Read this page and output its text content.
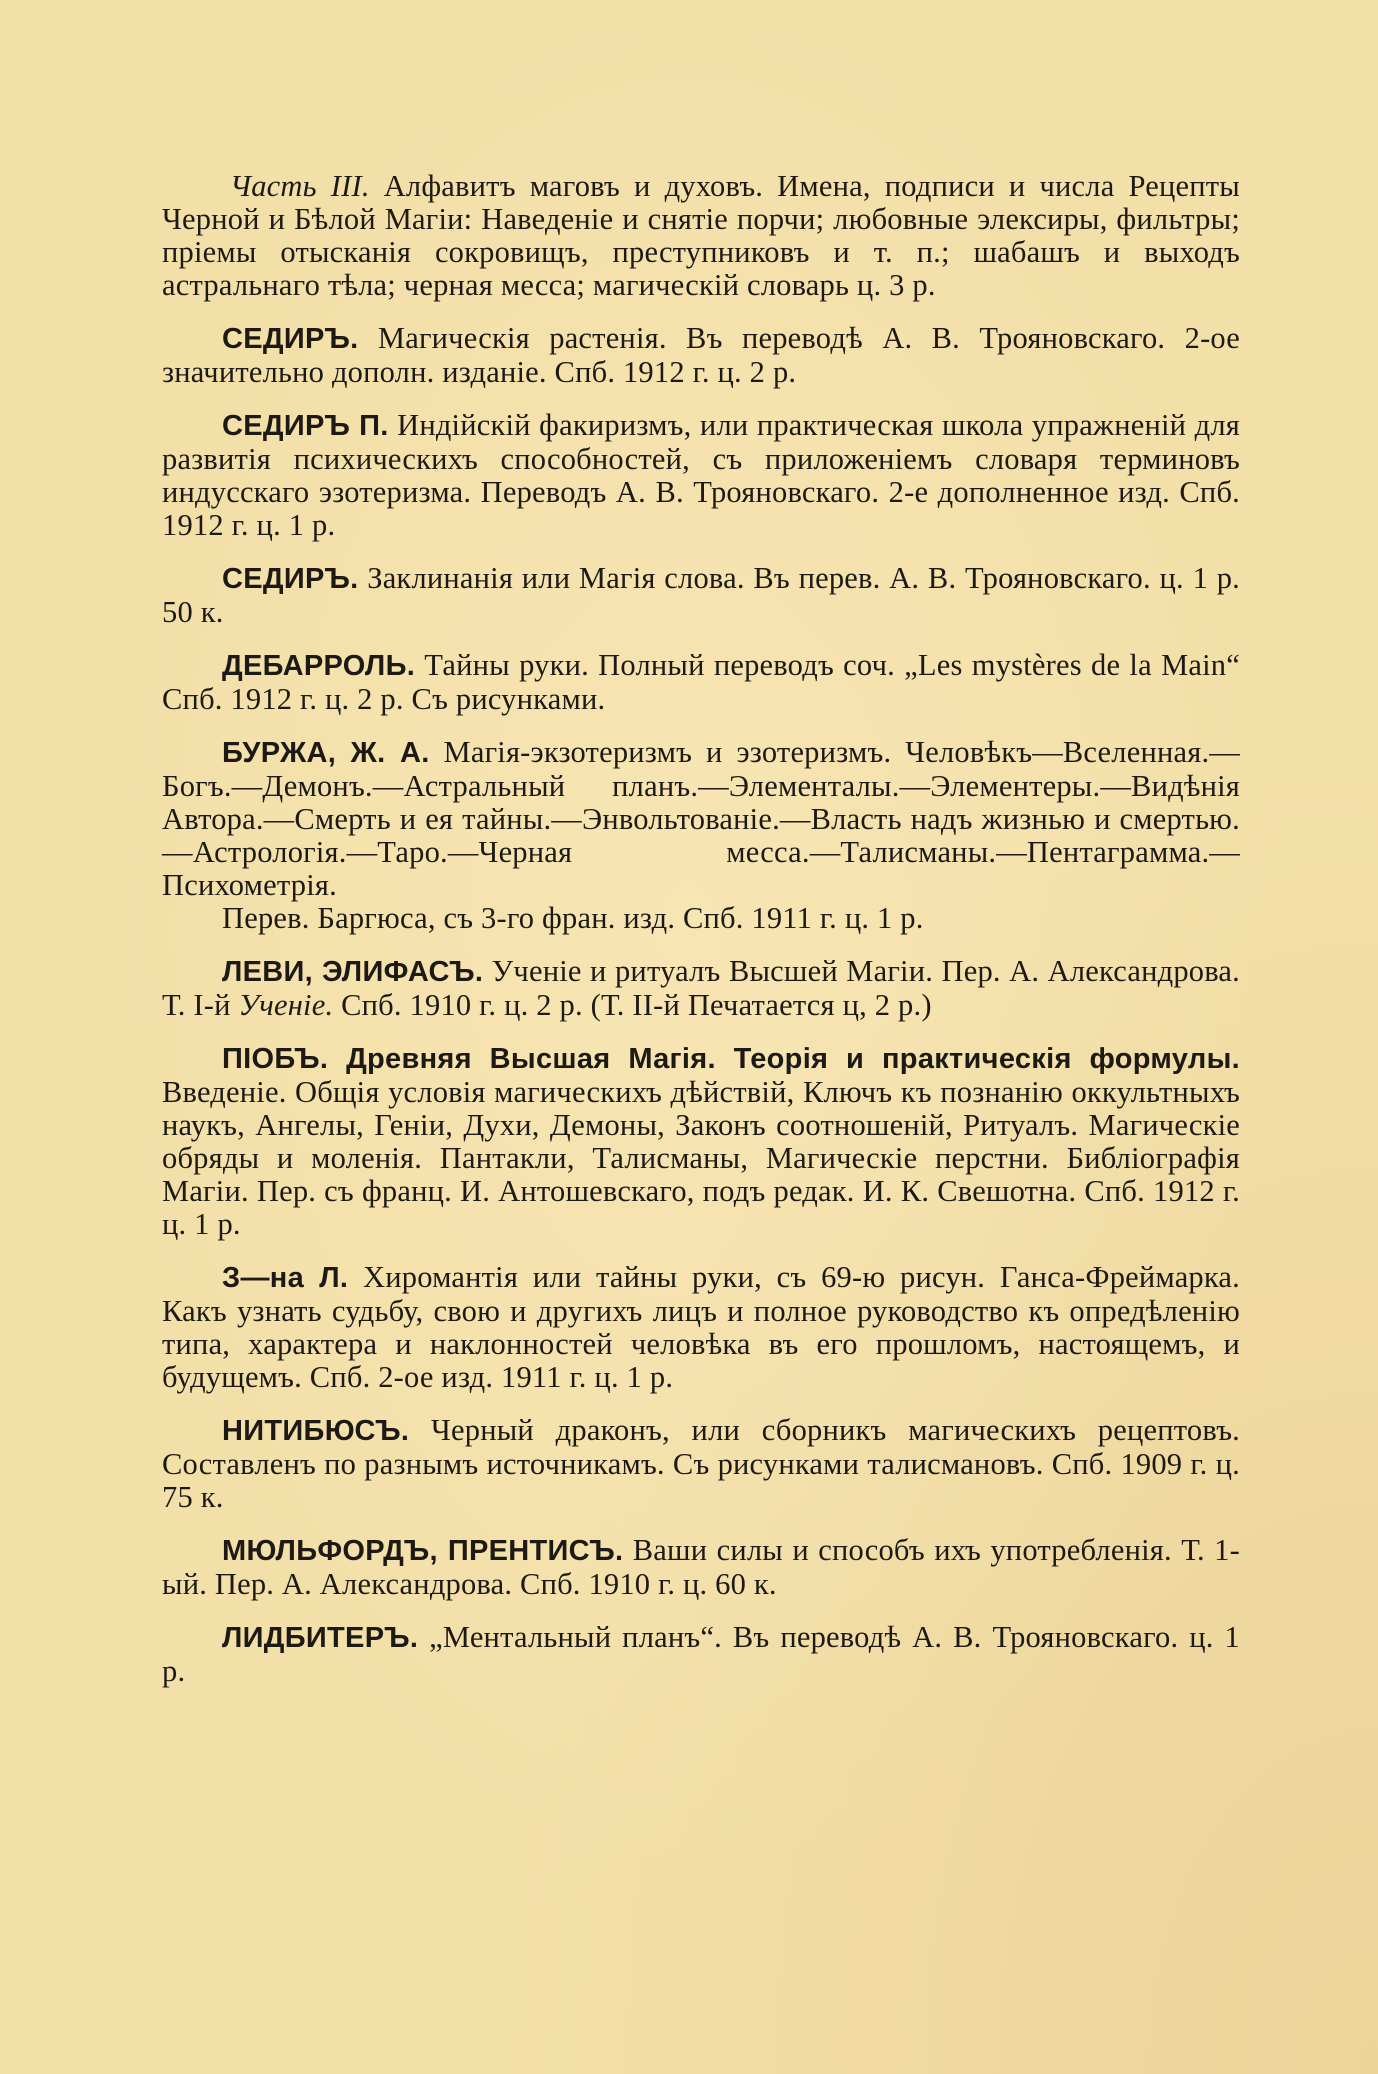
Часть III. Алфавитъ маговъ и духовъ. Имена, подписи и числа Рецепты Черной и Бѣлой Магіи: Наведеніе и снятіе порчи; любовные элексиры, фильтры; пріемы отысканія сокровищъ, преступниковъ и т. п.; шабашъ и выходъ астральнаго тѣла; черная месса; магическій словарь ц. 3 р.

СЕДИРЪ. Магическія растенія. Въ переводѣ А. В. Трояновскаго. 2-ое значительно дополн. изданіе. Спб. 1912 г. ц. 2 р.

СЕДИРЪ П. Индійскій факиризмъ, или практическая школа упражненій для развитія психическихъ способностей, съ приложеніемъ словаря терминовъ индусскаго эзотеризма. Переводъ А. В. Трояновскаго. 2-е дополненное изд. Спб. 1912 г. ц. 1 р.

СЕДИРЪ. Заклинанія или Магія слова. Въ перев. А. В. Трояновскаго. ц. 1 р. 50 к.

ДЕБАРРОЛЬ. Тайны руки. Полный переводъ соч. „Les mystères de la Main“ Спб. 1912 г. ц. 2 р. Съ рисунками.

БУРЖА, Ж. А. Магія-экзотеризмъ и эзотеризмъ. Человѣкъ—Вселенная.—Богъ.—Демонъ.—Астральный планъ.—Элементалы.—Элементеры.—Видѣнія Автора.—Смерть и ея тайны.—Энвольтованіе.—Власть надъ жизнью и смертью.—Астрологія.—Таро.—Черная месса.—Талисманы.—Пентаграмма.—Психометрія.
Перев. Баргюса, съ 3-го фран. изд. Спб. 1911 г. ц. 1 р.

ЛЕВИ, ЭЛИФАСЪ. Ученіе и ритуалъ Высшей Магіи. Пер. А. Александрова. Т. I-й Ученіе. Спб. 1910 г. ц. 2 р. (Т. II-й Печатается ц, 2 р.)

ПІОБЪ. Древняя Высшая Магія. Теорія и практическія формулы. Введеніе. Общія условія магическихъ дѣйствій, Ключъ къ познанію оккультныхъ наукъ, Ангелы, Геніи, Духи, Демоны, Законъ соотношеній, Ритуалъ. Магическіе обряды и моленія. Пантакли, Талисманы, Магическіе перстни. Библіографія Магіи. Пер. съ франц. И. Антошевскаго, подъ редак. И. К. Свешотна. Спб. 1912 г. ц. 1 р.

З—на Л. Хиромантія или тайны руки, съ 69-ю рисун. Ганса-Фреймарка. Какъ узнать судьбу, свою и другихъ лицъ и полное руководство къ опредѣленію типа, характера и наклонностей человѣка въ его прошломъ, настоящемъ, и будущемъ. Спб. 2-ое изд. 1911 г. ц. 1 р.

НИТИБЮСЪ. Черный драконъ, или сборникъ магическихъ рецептовъ. Составленъ по разнымъ источникамъ. Съ рисунками талисмановъ. Спб. 1909 г. ц. 75 к.

МЮЛЬФОРДЪ, ПРЕНТИСЪ. Ваши силы и способъ ихъ употребленія. Т. 1-ый. Пер. А. Александрова. Спб. 1910 г. ц. 60 к.

ЛИДБИТЕРЪ. „Ментальный планъ“. Въ переводѣ А. В. Трояновскаго. ц. 1 р.
